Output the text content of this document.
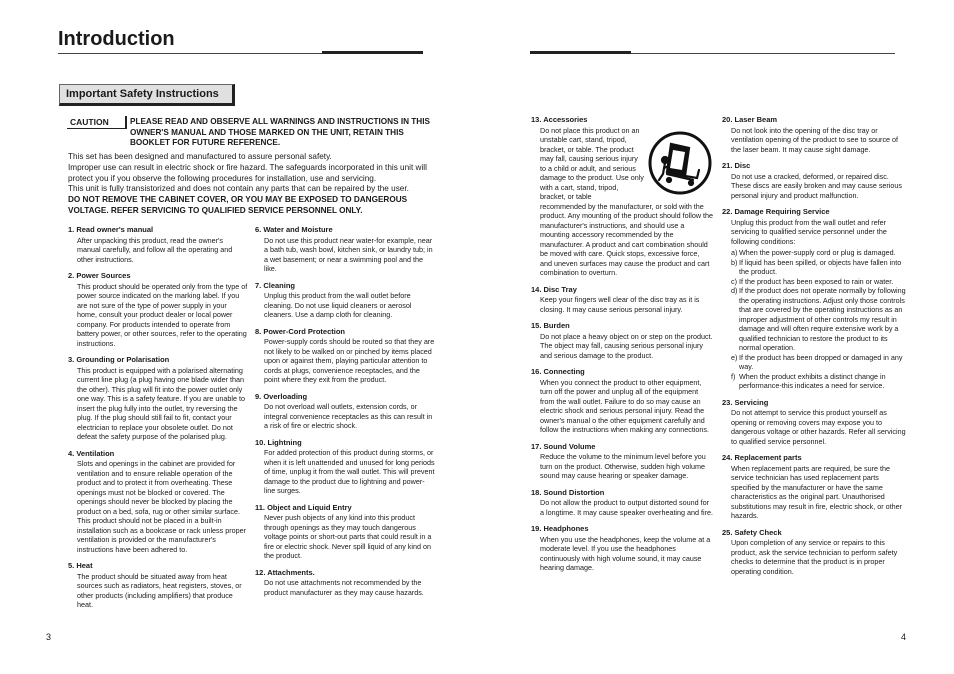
Introduction
Important Safety Instructions
CAUTION	PLEASE READ AND OBSERVE ALL WARNINGS AND INSTRUCTIONS IN THIS OWNER'S MANUAL AND THOSE MARKED ON THE UNIT, RETAIN THIS BOOKLET FOR FUTURE REFERENCE.
This set has been designed and manufactured to assure personal safety.
Improper use can result in electric shock or fire hazard. The safeguards incorporated in this unit will protect you if you observe the following procedures for installation, use and servicing.
This unit is fully transistorized and does not contain any parts that can be repaired by the user.
DO NOT REMOVE THE CABINET COVER, OR YOU MAY BE EXPOSED TO DANGEROUS VOLTAGE. REFER SERVICING TO QUALIFIED SERVICE PERSONNEL ONLY.
1. Read owner's manual

After unpacking this product, read the owner's manual carefully, and follow all the operating and other instructions.

2. Power Sources

This product should be operated only from the type of power source indicated on the marking label. If you are not sure of the type of power supply in your home, consult your product dealer or local power company. For products intended to operate from battery power, or other sources, refer to the operating instructions.

3. Grounding or Polarisation

This product is equipped with a polarised alternating current line plug (a plug having one blade wider than the other). This plug will fit into the power outlet only one way. This is a safety feature. If you are unable to insert the plug fully into the outlet, try reversing the plug. If the plug should still fail to fit, contact your electrician to replace your obsolete outlet. Do not defeat the safety purpose of the polarised plug.

4. Ventilation

Slots and openings in the cabinet are provided for ventilation and to ensure reliable operation of the product and to protect it from overheating. These openings must not be blocked or covered. The openings should never be blocked by placing the product on a bed, sofa, rug or other similar surface. This product should not be placed in a built-in installation such as a bookcase or rack unless proper ventilation is provided or the manufacturer's instructions have been adhered to.

5. Heat

The product should be situated away from heat sources such as radiators, heat registers, stoves, or other products (including amplifiers) that produce heat.

6. Water and Moisture

Do not use this product near water-for example, near a bath tub, wash bowl, kitchen sink, or laundry tub; in a wet basement; or near a swimming pool and the like.

7. Cleaning

Unplug this product from the wall outlet before cleaning. Do not use liquid cleaners or aerosol cleaners. Use a damp cloth for cleaning.

8. Power-Cord Protection

Power-supply cords should be routed so that they are not likely to be walked on or pinched by items placed upon or against them, playing particular attention to cords at plugs, convenience receptacles, and the point where they exit from the product.

9. Overloading

Do not overload wall outlets, extension cords, or integral convenience receptacles as this can result in a risk of fire or electric shock.

10. Lightning

For added protection of this product during storms, or when it is left unattended and unused for long periods of time, unplug it from the wall outlet. This will prevent damage to the product due to lightning and power-line surges.

11. Object and Liquid Entry

Never push objects of any kind into this product through openings as they may touch dangerous voltage points or short-out parts that could result in a fire or electric shock. Never spill liquid of any kind on the product.

12. Attachments.

Do not use attachments not recommended by the product manufacturer as they may cause hazards.

13. Accessories

Do not place this product on an unstable cart, stand, tripod, bracket, or table. The product may fall, causing serious injury to a child or adult, and serious damage to the product. Use only with a cart, stand, tripod, bracket, or table
recommended by the manufacturer, or sold with the product. Any mounting of the product should follow the manufacturer's instructions, and should use a mounting accessory recommended by the manufacturer. A product and cart combination should be moved with care. Quick stops, excessive force, and uneven surfaces may cause the product and cart combination to overturn.

14. Disc Tray

Keep your fingers well clear of the disc tray as it is closing. It may cause serious personal injury.

15. Burden

Do not place a heavy object on or step on the product. The object may fall, causing serious personal injury and serious damage to the product.

16. Connecting

When you connect the product to other equipment, turn off the power and unplug all of the equipment from the wall outlet. Failure to do so may cause an electric shock and serious personal injury. Read the owner's manual o the other equipment carefully and follow the instructions when making any connections.

17. Sound Volume

Reduce the volume to the minimum level before you turn on the product. Otherwise, sudden high volume sound may cause hearing or speaker damage.

18. Sound Distortion

Do not allow the product to output distorted sound for a longtime. It may cause speaker overheating and fire.

19. Headphones

When you use the headphones, keep the volume at a moderate level. If you use the headphones continuously with high volume sound, it may cause hearing damage.

20. Laser Beam

Do not look into the opening of the disc tray or ventilation opening of the product to see to source of the laser beam. It may cause sight damage.

21. Disc

Do not use a cracked, deformed, or repaired disc. These discs are easily broken and may cause serious personal injury and product malfunction.

22. Damage Requiring Service

Unplug this product from the wall outlet and refer servicing to qualified service personnel under the following conditions:

a) When the power-supply cord or plug is damaged.
b) If liquid has been spilled, or objects have fallen into the product.
c) If the product has been exposed to rain or water.
d) If the product does not operate normally by following the operating instructions. Adjust only those controls that are covered by the operating instructions as an improper adjustment of other controls my result in damage and will often require extensive work by a qualified technician to restore the product to its normal operation.
e) If the product has been dropped or damaged in any way.
f) When the product exhibits a distinct change in performance-this indicates a need for service.
23. Servicing

Do not attempt to service this product yourself as opening or removing covers may expose you to dangerous voltage or other hazards. Refer all servicing to qualified service personnel.

24. Replacement parts

When replacement parts are required, be sure the service technician has used replacement parts specified by the manufacturer or have the same characteristics as the original part. Unauthorised substitutions may result in fire, electric shock, or other hazards.

25. Safety Check

Upon completion of any service or repairs to this product, ask the service technician to perform safety checks to determine that the product is in proper operating condition.

3	4
